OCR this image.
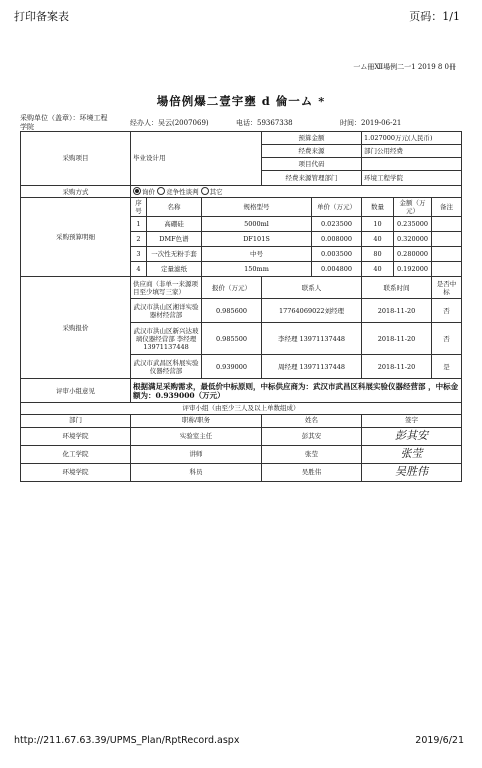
打印备案表	页码：1/1
一ム冊Ⅻ場例㆓一1 2019 8 0冊
場倍例爆㆓壹宇壅 d 倫一ム *
采购单位（盖章）：环境工程学院
经办人：吴云(2007069)	电话：59367338	时间：2019-06-21
采购项目	毕业设计用			预算金额		1.027000万元(人民币)		
				经费来源		部门公用经费		
				项目代码				
				经费来源管理部门		环境工程学院		
采购方式	询价 竞争性谈判 其它							
采购预算明细	序号	名称	规格型号		单价（万元）	数量	金额（万元）	备注
	1	高硼硅	5000ml		0.023500	10	0.235000	
	2	DMF色谱	DF101S		0.008000	40	0.320000	
	3	一次性无粉手套	中号		0.003500	80	0.280000	
	4	定量滤纸	150mm		0.004800	40	0.192000	
采购报价	供应商（非单一来源项目至少填写三家）		报价（万元）	联系人		联系时间		是否中标
	武汉市洪山区湘详实验器材经营部		0.985600	17764069022刘经理		2018-11-20		否
	武汉市洪山区新兴达玻璃仪器经营部 李经理 13971137448		0.985500	李经理 13971137448		2018-11-20		否
	武汉市武昌区科展实验仪器经营部		0.939000	周经理 13971137448		2018-11-20		是
评审小组意见	根据满足采购需求，最低价中标原则，中标供应商为：武汉市武昌区科展实验仪器经营部 ，中标金额为：0.939000（万元）							
评审小组（由至少三人及以上单数组成）								
部门	职称/职务			姓名		签字		
环境学院	实验室主任			彭其安		彭其安		
化工学院	讲师			张莹		张莹		
环境学院	科员			吴胜伟		吴胜伟		
http://211.67.63.39/UPMS_Plan/RptRecord.aspx	2019/6/21
